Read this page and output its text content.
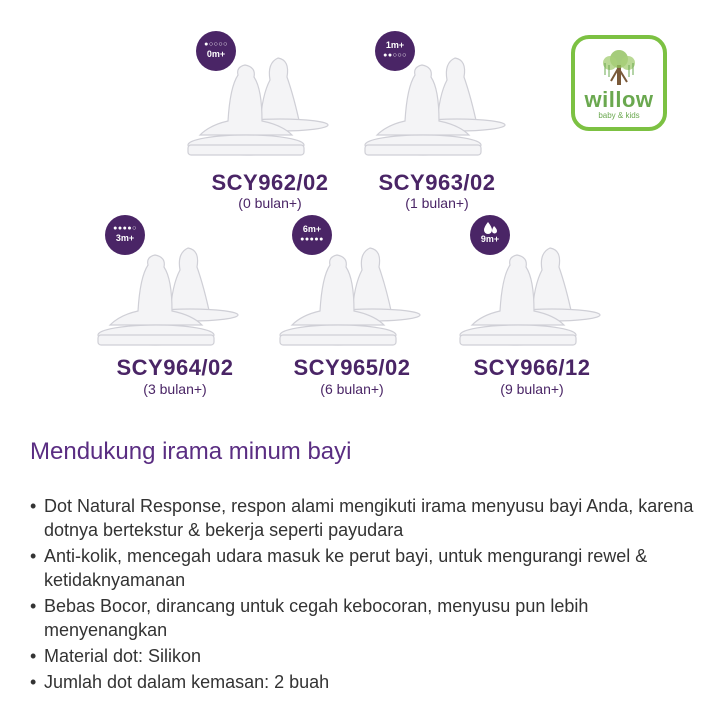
willow
baby & kids
●○○○○
0m+
SCY962/02
(0 bulan+)
1m+
●●○○○
SCY963/02
(1 bulan+)
●●●●○
3m+
SCY964/02
(3 bulan+)
6m+
●●●●●
SCY965/02
(6 bulan+)
9m+
SCY966/12
(9 bulan+)
Mendukung irama minum bayi
• Dot Natural Response, respon alami mengikuti irama menyusu bayi Anda, karena dotnya bertekstur & bekerja seperti payudara
• Anti-kolik, mencegah udara masuk ke perut bayi, untuk mengurangi rewel & ketidaknyamanan
• Bebas Bocor, dirancang untuk cegah kebocoran, menyusu pun lebih menyenangkan
• Material dot: Silikon
• Jumlah dot dalam kemasan: 2 buah
